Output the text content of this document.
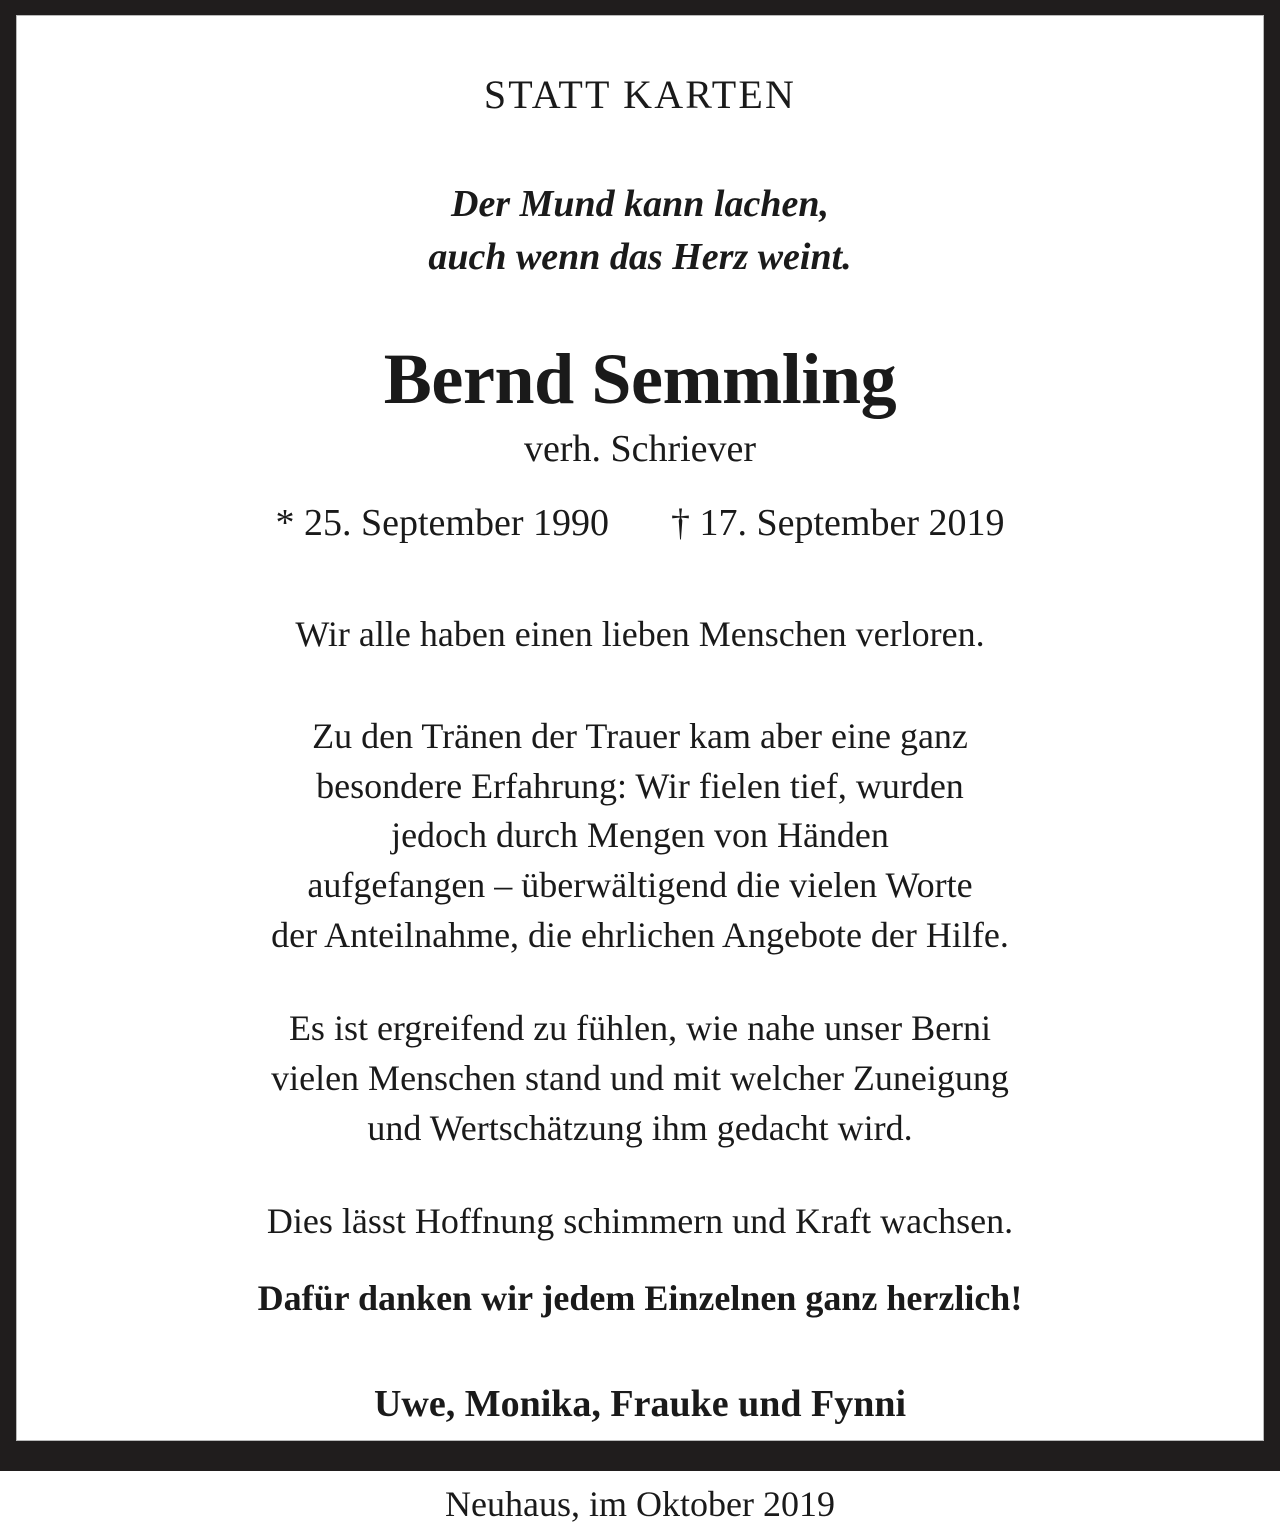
STATT KARTEN

Der Mund kann lachen,
auch wenn das Herz weint.

Bernd Semmling

verh. Schriever

* 25. September 1990 † 17. September 2019

Wir alle haben einen lieben Menschen verloren.

Zu den Tränen der Trauer kam aber eine ganz
besondere Erfahrung: Wir fielen tief, wurden
jedoch durch Mengen von Händen
aufgefangen – überwältigend die vielen Worte
der Anteilnahme, die ehrlichen Angebote der Hilfe.

Es ist ergreifend zu fühlen, wie nahe unser Berni
vielen Menschen stand und mit welcher Zuneigung
und Wertschätzung ihm gedacht wird.

Dies lässt Hoffnung schimmern und Kraft wachsen.

Dafür danken wir jedem Einzelnen ganz herzlich!

Uwe, Monika, Frauke und Fynni

Neuhaus, im Oktober 2019
